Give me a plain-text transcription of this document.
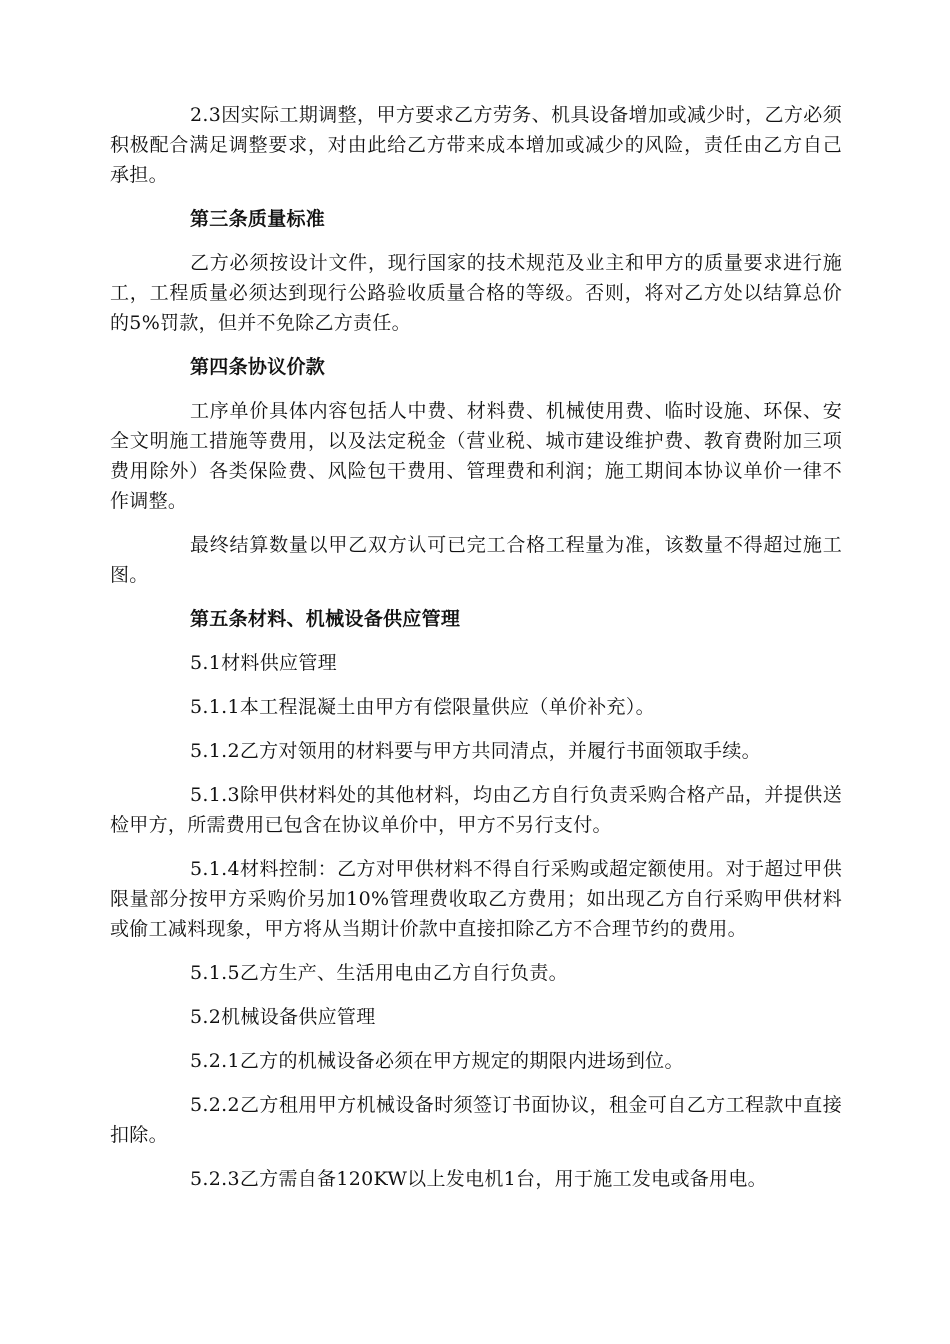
2.3因实际工期调整，甲方要求乙方劳务、机具设备增加或减少时，乙方必须积极配合满足调整要求，对由此给乙方带来成本增加或减少的风险，责任由乙方自己承担。

第三条质量标准

乙方必须按设计文件，现行国家的技术规范及业主和甲方的质量要求进行施工，工程质量必须达到现行公路验收质量合格的等级。否则，将对乙方处以结算总价的5%罚款，但并不免除乙方责任。

第四条协议价款

工序单价具体内容包括人中费、材料费、机械使用费、临时设施、环保、安全文明施工措施等费用，以及法定税金（营业税、城市建设维护费、教育费附加三项费用除外）各类保险费、风险包干费用、管理费和利润；施工期间本协议单价一律不作调整。

最终结算数量以甲乙双方认可已完工合格工程量为准，该数量不得超过施工图。

第五条材料、机械设备供应管理

5.1材料供应管理

5.1.1本工程混凝土由甲方有偿限量供应（单价补充）。

5.1.2乙方对领用的材料要与甲方共同清点，并履行书面领取手续。

5.1.3除甲供材料处的其他材料，均由乙方自行负责采购合格产品，并提供送检甲方，所需费用已包含在协议单价中，甲方不另行支付。

5.1.4材料控制：乙方对甲供材料不得自行采购或超定额使用。对于超过甲供限量部分按甲方采购价另加10%管理费收取乙方费用；如出现乙方自行采购甲供材料或偷工减料现象，甲方将从当期计价款中直接扣除乙方不合理节约的费用。

5.1.5乙方生产、生活用电由乙方自行负责。

5.2机械设备供应管理

5.2.1乙方的机械设备必须在甲方规定的期限内进场到位。

5.2.2乙方租用甲方机械设备时须签订书面协议，租金可自乙方工程款中直接扣除。

5.2.3乙方需自备120KW以上发电机1台，用于施工发电或备用电。
